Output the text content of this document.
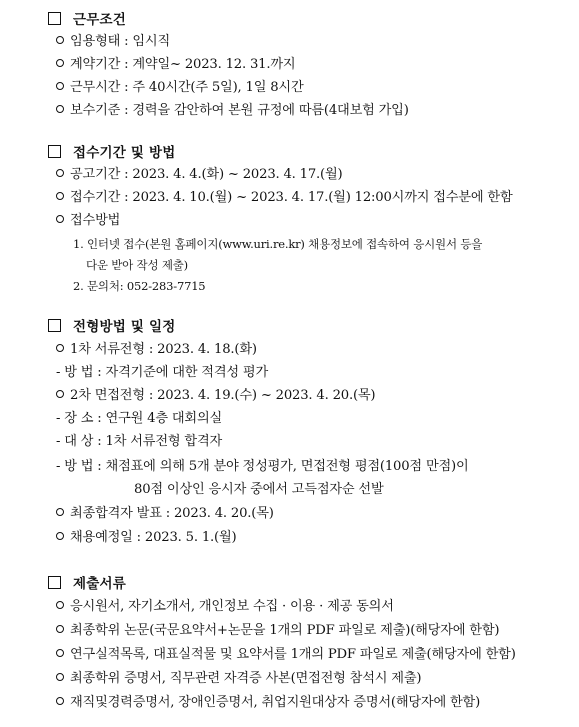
근무조건
임용형태 : 임시직
계약기간 : 계약일~ 2023. 12. 31.까지
근무시간 : 주 40시간(주 5일), 1일 8시간
보수기준 : 경력을 감안하여 본원 규정에 따름(4대보험 가입)
접수기간 및 방법
공고기간 : 2023. 4. 4.(화) ~ 2023. 4. 17.(월)
접수기간 : 2023. 4. 10.(월) ~ 2023. 4. 17.(월) 12:00시까지 접수분에 한함
접수방법
1. 인터넷 접수(본원 홈페이지(www.uri.re.kr) 채용정보에 접속하여 응시원서 등을
다운 받아 작성 제출)
2. 문의처: 052-283-7715
전형방법 및 일정
1차 서류전형 : 2023. 4. 18.(화)
- 방 법 : 자격기준에 대한 적격성 평가
2차 면접전형 : 2023. 4. 19.(수) ~ 2023. 4. 20.(목)
- 장 소 : 연구원 4층 대회의실
- 대 상 : 1차 서류전형 합격자
- 방 법 : 채점표에 의해 5개 분야 정성평가, 면접전형 평점(100점 만점)이
80점 이상인 응시자 중에서 고득점자순 선발
최종합격자 발표 : 2023. 4. 20.(목)
채용예정일 : 2023. 5. 1.(월)
제출서류
응시원서, 자기소개서, 개인정보 수집 · 이용 · 제공 동의서
최종학위 논문(국문요약서+논문을 1개의 PDF 파일로 제출)(해당자에 한함)
연구실적목록, 대표실적물 및 요약서를 1개의 PDF 파일로 제출(해당자에 한함)
최종학위 증명서, 직무관련 자격증 사본(면접전형 참석시 제출)
재직및경력증명서, 장애인증명서, 취업지원대상자 증명서(해당자에 한함)
